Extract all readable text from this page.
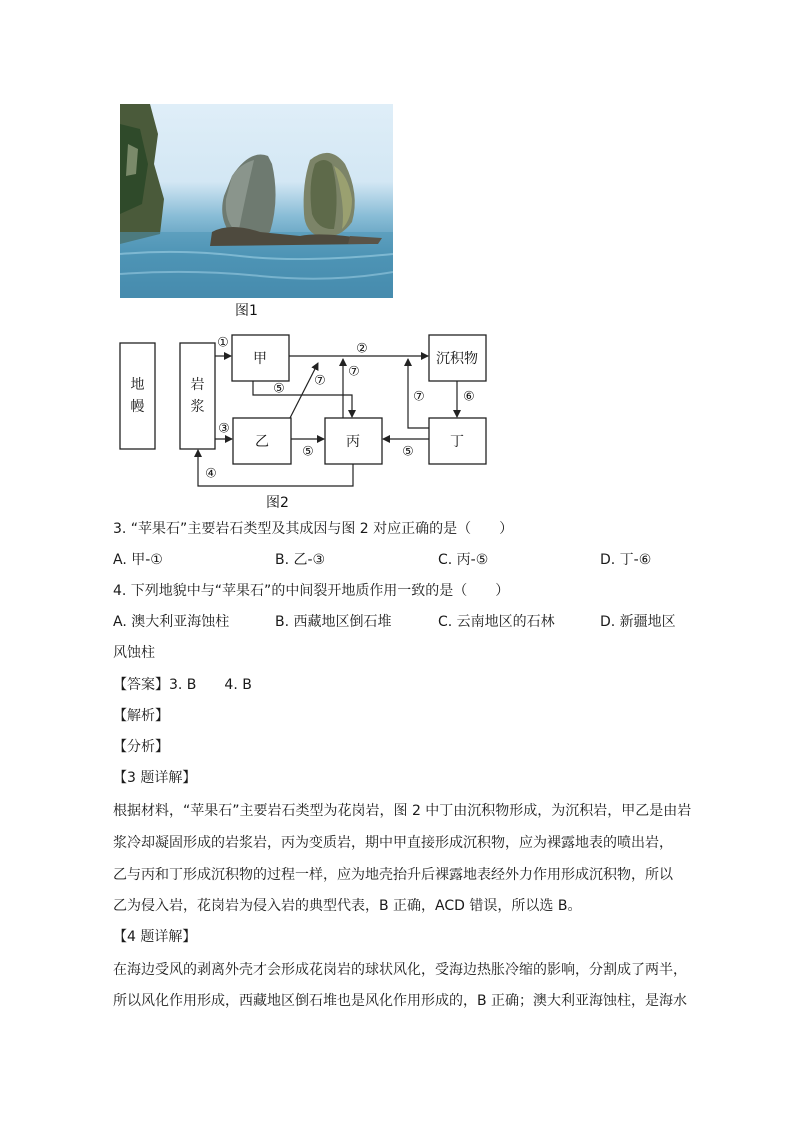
图1
甲
乙	丙	丁
沉积物
①	②
③
④
⑤
⑤	⑤
⑥
⑦
⑦
⑦
地
幔
岩
浆
图2
3. “苹果石”主要岩石类型及其成因与图 2 对应正确的是（　　）
A. 甲-①	B. 乙-③	C. 丙-⑤	D. 丁-⑥
4. 下列地貌中与“苹果石”的中间裂开地质作用一致的是（　　）
A. 澳大利亚海蚀柱	B. 西藏地区倒石堆	C. 云南地区的石林	D. 新疆地区
风蚀柱
【答案】3. B　　4. B
【解析】
【分析】
【3 题详解】
根据材料，“苹果石”主要岩石类型为花岗岩，图 2 中丁由沉积物形成，为沉积岩，甲乙是由岩
浆冷却凝固形成的岩浆岩，丙为变质岩，期中甲直接形成沉积物，应为裸露地表的喷出岩，
乙与丙和丁形成沉积物的过程一样，应为地壳抬升后裸露地表经外力作用形成沉积物，所以
乙为侵入岩，花岗岩为侵入岩的典型代表，B 正确，ACD 错误，所以选 B。
【4 题详解】
在海边受风的剥离外壳才会形成花岗岩的球状风化，受海边热胀冷缩的影响，分割成了两半，
所以风化作用形成，西藏地区倒石堆也是风化作用形成的，B 正确；澳大利亚海蚀柱，是海水
